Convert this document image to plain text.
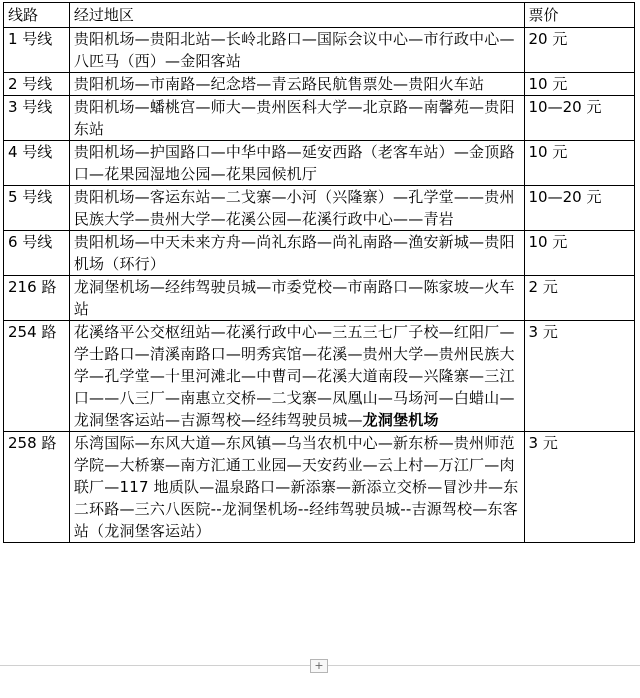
线路	经过地区	票价
1 号线	贵阳机场—贵阳北站—长岭北路口—国际会议中心—市行政中心—八匹马（西）—金阳客站	20 元
2 号线	贵阳机场—市南路—纪念塔—青云路民航售票处—贵阳火车站	10 元
3 号线	贵阳机场—蟠桃宫—师大—贵州医科大学—北京路—南馨苑—贵阳东站	10—20 元
4 号线	贵阳机场—护国路口—中华中路—延安西路（老客车站）—金顶路口—花果园湿地公园—花果园候机厅	10 元
5 号线	贵阳机场—客运东站—二戈寨—小河（兴隆寨）—孔学堂——贵州民族大学—贵州大学—花溪公园—花溪行政中心——青岩	10—20 元
6 号线	贵阳机场—中天未来方舟—尚礼东路—尚礼南路—渔安新城—贵阳机场（环行）	10 元
216 路	龙洞堡机场—经纬驾驶员城—市委党校—市南路口—陈家坡—火车站	2 元
254 路	花溪络平公交枢纽站—花溪行政中心—三五三七厂子校—红阳厂—学士路口—清溪南路口—明秀宾馆—花溪—贵州大学—贵州民族大学—孔学堂—十里河滩北—中曹司—花溪大道南段—兴隆寨—三江口——八三厂—南惠立交桥—二戈寨—凤凰山—马场河—白蜡山—龙洞堡客运站—吉源驾校—经纬驾驶员城—龙洞堡机场	3 元
258 路	乐湾国际—东风大道—东风镇—乌当农机中心—新东桥—贵州师范学院—大桥寨—南方汇通工业园—天安药业—云上村—万江厂—肉联厂—117 地质队—温泉路口—新添寨—新添立交桥—冒沙井—东二环路—三六八医院--龙洞堡机场--经纬驾驶员城--吉源驾校—东客站（龙洞堡客运站）	3 元
+
